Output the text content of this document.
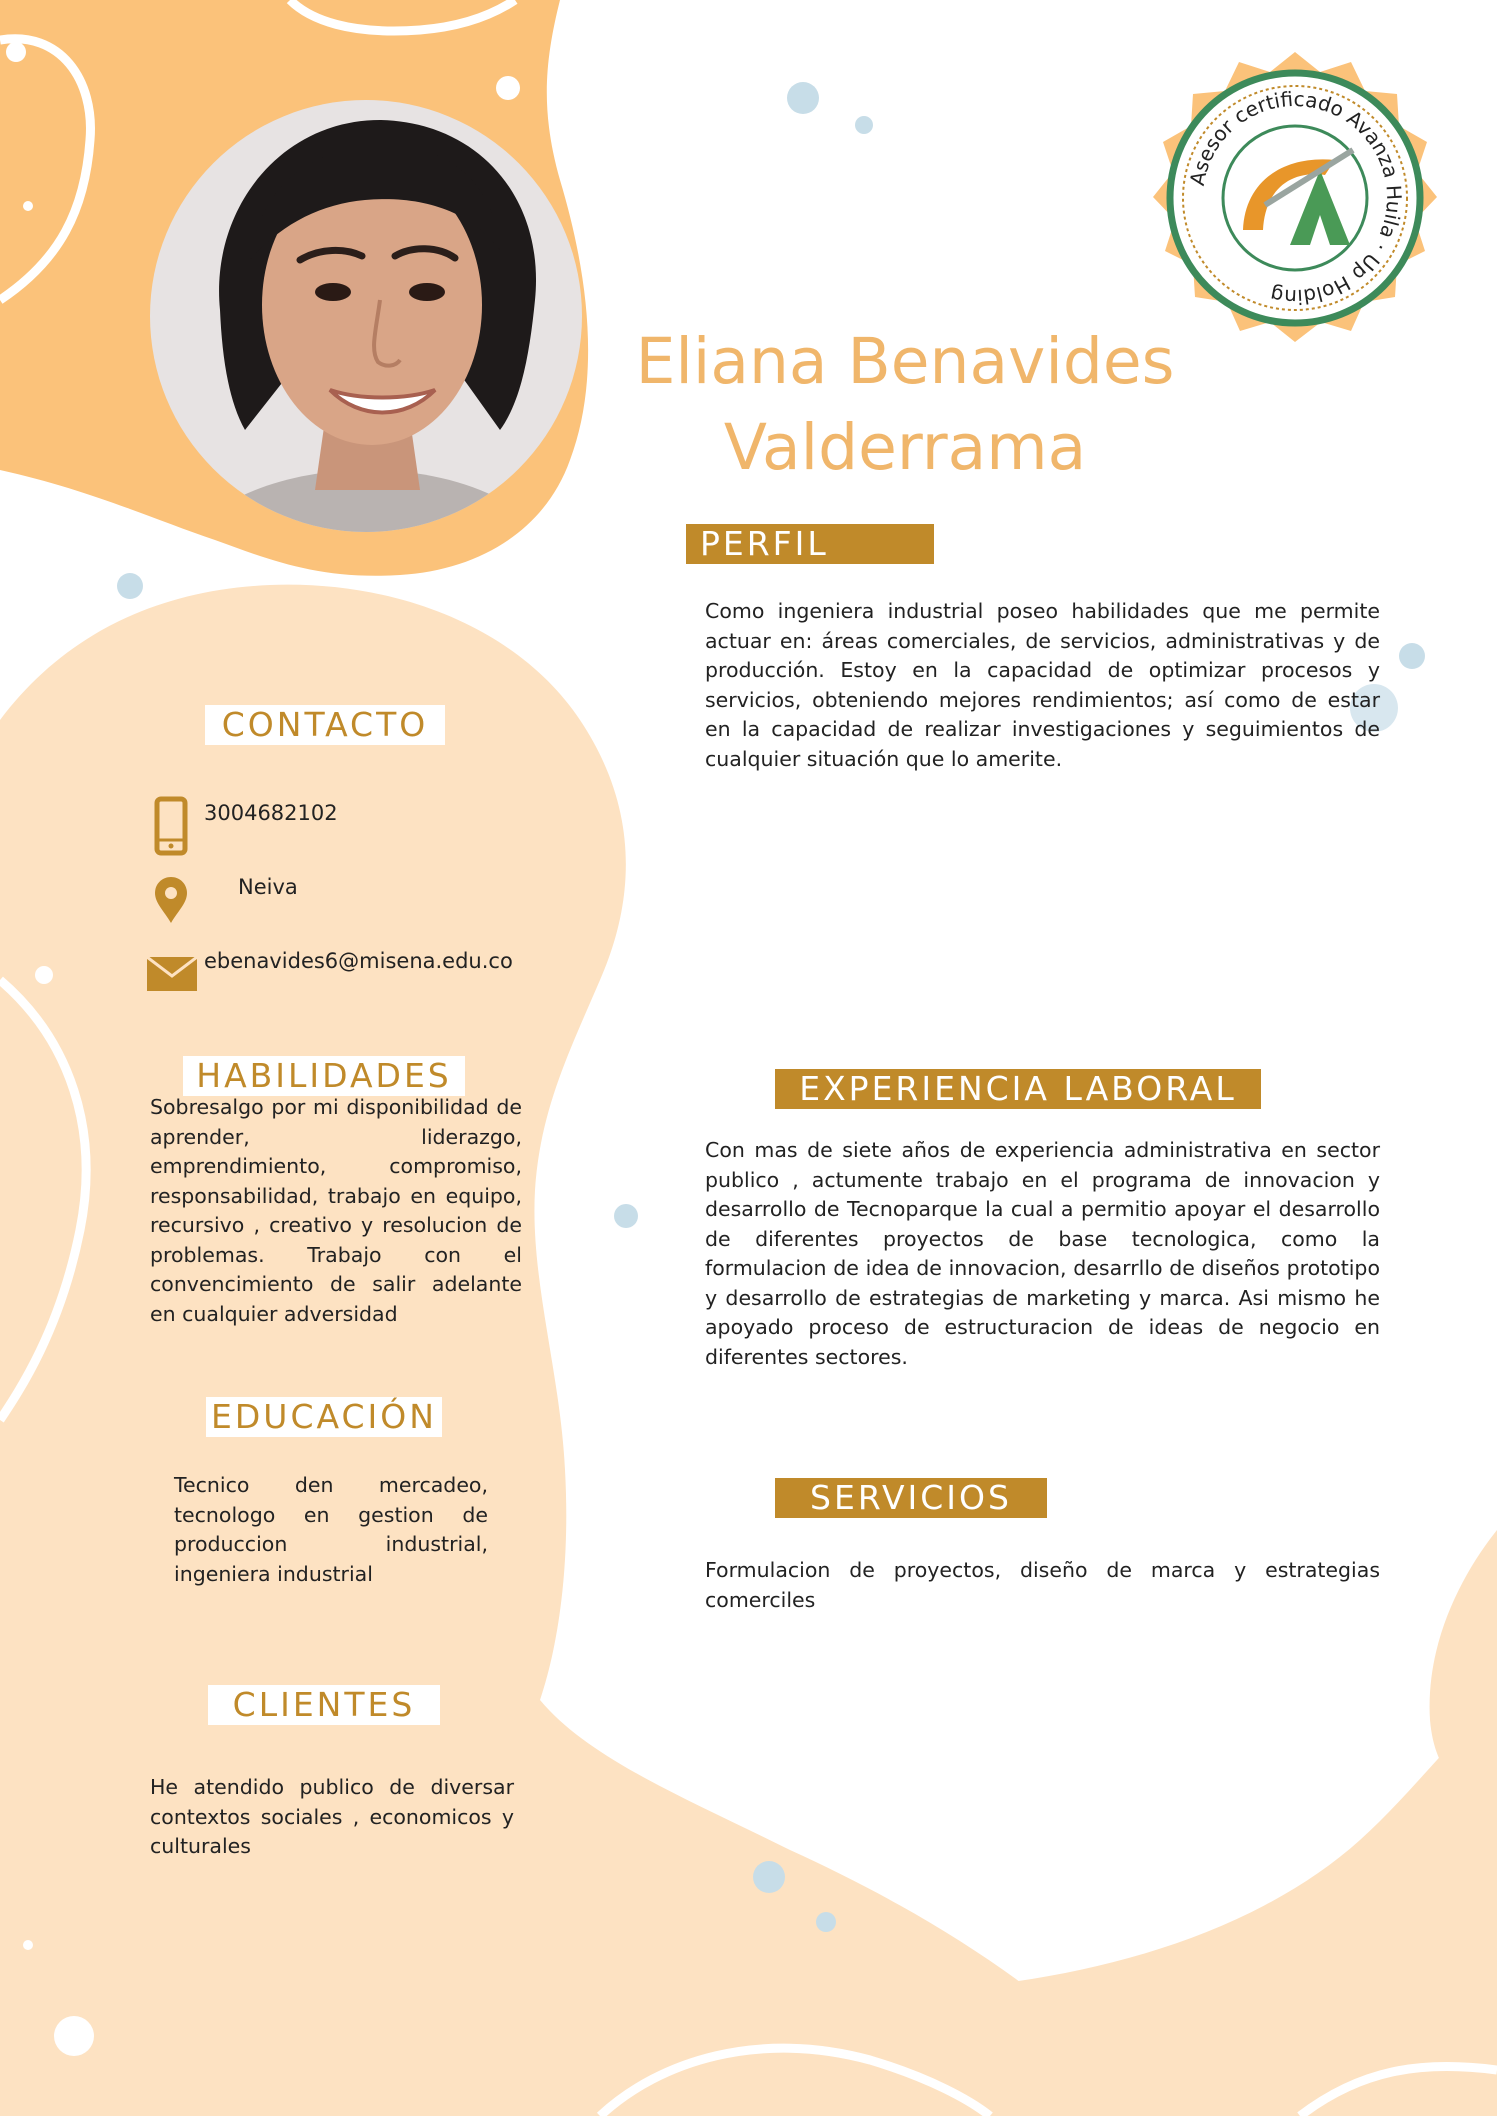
Asesor certificado Avanza Huila · Up Holding
Eliana Benavides
Valderrama
PERFIL
Como ingeniera industrial poseo habilidades que me permite actuar en: áreas comerciales, de servicios, administrativas y de producción. Estoy en la capacidad de optimizar procesos y servicios, obteniendo mejores rendimientos; así como de estar en la capacidad de realizar investigaciones y seguimientos de cualquier situación que lo amerite.
CONTACTO
3004682102
Neiva
ebenavides6@misena.edu.co
HABILIDADES
Sobresalgo por mi disponibilidad de aprender, liderazgo, emprendimiento, compromiso, responsabilidad, trabajo en equipo, recursivo , creativo y resolucion de problemas. Trabajo con el convencimiento de salir adelante en cualquier adversidad
EDUCACIÓN
Tecnico den mercadeo, tecnologo en gestion de produccion industrial, ingeniera industrial
CLIENTES
He atendido publico de diversar contextos sociales , economicos y culturales
EXPERIENCIA LABORAL
Con mas de siete años de experiencia administrativa en sector publico , actumente trabajo en el programa de innovacion y desarrollo de Tecnoparque la cual a permitio apoyar el desarrollo de diferentes proyectos de base tecnologica, como la formulacion de idea de innovacion, desarrllo de diseños prototipo y desarrollo de estrategias de marketing y marca. Asi mismo he apoyado proceso de estructuracion de ideas de negocio en diferentes sectores.
SERVICIOS
Formulacion de proyectos, diseño de marca y estrategias comerciles
